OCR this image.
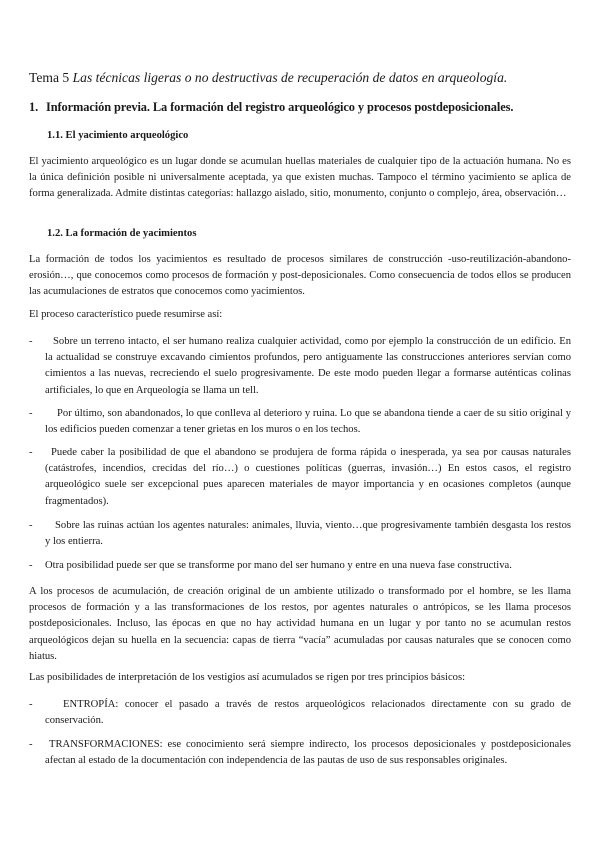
Tema 5 Las técnicas ligeras o no destructivas de recuperación de datos en arqueología.
1. Información previa. La formación del registro arqueológico y procesos postdeposicionales.
1.1. El yacimiento arqueológico

El yacimiento arqueológico es un lugar donde se acumulan huellas materiales de cualquier tipo de la actuación humana. No es la única definición posible ni universalmente aceptada, ya que existen muchas. Tampoco el término yacimiento se aplica de forma generalizada. Admite distintas categorías: hallazgo aislado, sitio, monumento, conjunto o complejo, área, observación…

1.2. La formación de yacimientos

La formación de todos los yacimientos es resultado de procesos similares de construcción -uso-reutilización-abandono-erosión…, que conocemos como procesos de formación y post-deposicionales. Como consecuencia de todos ellos se producen las acumulaciones de estratos que conocemos como yacimientos.

El proceso característico puede resumirse así:

-	Sobre un terreno intacto, el ser humano realiza cualquier actividad, como por ejemplo la construcción de un edificio. En la actualidad se construye excavando cimientos profundos, pero antiguamente las construcciones anteriores servían como cimientos a las nuevas, recreciendo el suelo progresivamente. De este modo pueden llegar a formarse auténticas colinas artificiales, lo que en Arqueología se llama un tell.
-	Por último, son abandonados, lo que conlleva al deterioro y ruina. Lo que se abandona tiende a caer de su sitio original y los edificios pueden comenzar a tener grietas en los muros o en los techos.
-	Puede caber la posibilidad de que el abandono se produjera de forma rápida o inesperada, ya sea por causas naturales (catástrofes, incendios, crecidas del río…) o cuestiones políticas (guerras, invasión…) En estos casos, el registro arqueológico suele ser excepcional pues aparecen materiales de mayor importancia y en ocasiones completos (aunque fragmentados).
-	Sobre las ruinas actúan los agentes naturales: animales, lluvia, viento…que progresivamente también desgasta los restos y los entierra.
-	Otra posibilidad puede ser que se transforme por mano del ser humano y entre en una nueva fase constructiva.

A los procesos de acumulación, de creación original de un ambiente utilizado o transformado por el hombre, se les llama procesos de formación y a las transformaciones de los restos, por agentes naturales o antrópicos, se les llama procesos postdeposicionales. Incluso, las épocas en que no hay actividad humana en un lugar y por tanto no se acumulan restos arqueológicos dejan su huella en la secuencia: capas de tierra “vacía” acumuladas por causas naturales que se conocen como hiatus.

Las posibilidades de interpretación de los vestigios así acumulados se rigen por tres principios básicos:

-	ENTROPÍA: conocer el pasado a través de restos arqueológicos relacionados directamente con su grado de conservación.
-	TRANSFORMACIONES: ese conocimiento será siempre indirecto, los procesos deposicionales y postdeposicionales afectan al estado de la documentación con independencia de las pautas de uso de sus responsables originales.
